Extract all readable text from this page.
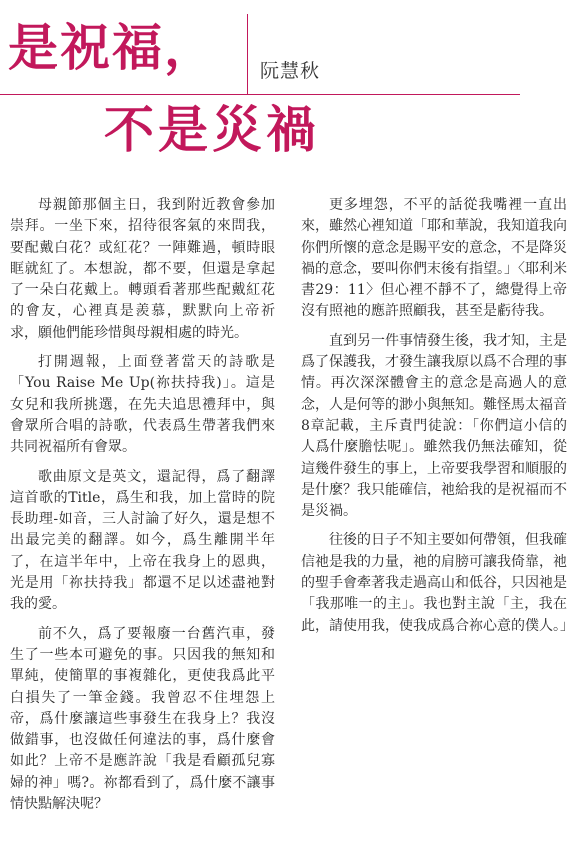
是祝福， 阮慧秋
不是災禍

母親節那個主日，我到附近教會參加崇拜。一坐下來，招待很客氣的來問我，要配戴白花？或紅花？一陣難過，頓時眼眶就紅了。本想說，都不要，但還是拿起了一朵白花戴上。轉頭看著那些配戴紅花的會友，心裡真是羨慕，默默向上帝祈求，願他們能珍惜與母親相處的時光。

打開週報，上面登著當天的詩歌是「You Raise Me Up(祢扶持我)」。這是女兒和我所挑選，在先夫追思禮拜中，與會眾所合唱的詩歌，代表爲生帶著我們來共同祝福所有會眾。

歌曲原文是英文，還記得，爲了翻譯這首歌的Title，爲生和我，加上當時的院長助理-如音，三人討論了好久，還是想不出最完美的翻譯。如今，爲生離開半年了，在這半年中，上帝在我身上的恩典，光是用「祢扶持我」都還不足以述盡祂對我的愛。

前不久，爲了要報廢一台舊汽車，發生了一些本可避免的事。只因我的無知和單純，使簡單的事複雜化，更使我爲此平白損失了一筆金錢。我曾忍不住埋怨上帝，爲什麼讓這些事發生在我身上？我沒做錯事，也沒做任何違法的事，爲什麼會如此？上帝不是應許說「我是看顧孤兒寡婦的神」嗎?。祢都看到了，爲什麼不讓事情快點解決呢？

更多埋怨，不平的話從我嘴裡一直出來，雖然心裡知道「耶和華說，我知道我向你們所懷的意念是賜平安的意念，不是降災禍的意念，要叫你們末後有指望。」〈耶利米書29：11〉但心裡不靜不了，總覺得上帝沒有照祂的應許照顧我，甚至是虧待我。

直到另一件事情發生後，我才知，主是爲了保護我，才發生讓我原以爲不合理的事情。再次深深體會主的意念是高過人的意念，人是何等的渺小與無知。難怪馬太福音8章記載，主斥責門徒說：「你們這小信的人爲什麼膽怯呢」。雖然我仍無法確知，從這幾件發生的事上，上帝要我學習和順服的是什麼？我只能確信，祂給我的是祝福而不是災禍。

往後的日子不知主要如何帶領，但我確信祂是我的力量，祂的肩膀可讓我倚靠，祂的聖手會牽著我走過高山和低谷，只因祂是「我那唯一的主」。我也對主說「主，我在此，請使用我，使我成爲合祢心意的僕人。」
